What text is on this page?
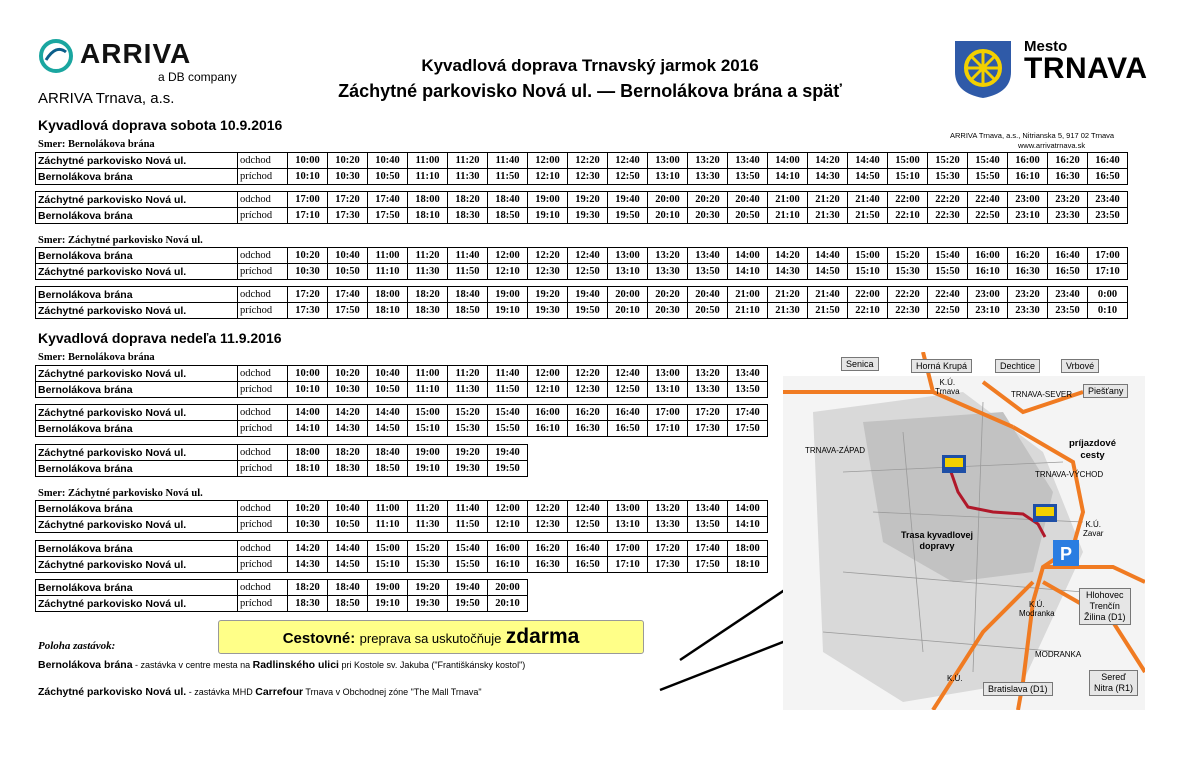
ARRIVA
a DB company
ARRIVA Trnava, a.s.
Kyvadlová doprava Trnavský jarmok 2016
Záchytné parkovisko Nová ul. — Bernolákova brána a späť
Mesto
TRNAVA
ARRIVA Trnava, a.s., Nitrianska 5, 917 02 Trnava
www.arrivatrnava.sk
Kyvadlová doprava sobota 10.9.2016
Smer: Bernolákova brána
Záchytné parkovisko Nová ul.	odchod	10:00	10:20	10:40	11:00	11:20	11:40	12:00	12:20	12:40	13:00	13:20	13:40	14:00	14:20	14:40	15:00	15:20	15:40	16:00	16:20	16:40
Bernolákova brána	príchod	10:10	10:30	10:50	11:10	11:30	11:50	12:10	12:30	12:50	13:10	13:30	13:50	14:10	14:30	14:50	15:10	15:30	15:50	16:10	16:30	16:50
Záchytné parkovisko Nová ul.	odchod	17:00	17:20	17:40	18:00	18:20	18:40	19:00	19:20	19:40	20:00	20:20	20:40	21:00	21:20	21:40	22:00	22:20	22:40	23:00	23:20	23:40
Bernolákova brána	príchod	17:10	17:30	17:50	18:10	18:30	18:50	19:10	19:30	19:50	20:10	20:30	20:50	21:10	21:30	21:50	22:10	22:30	22:50	23:10	23:30	23:50
Smer: Záchytné parkovisko Nová ul.
Bernolákova brána	odchod	10:20	10:40	11:00	11:20	11:40	12:00	12:20	12:40	13:00	13:20	13:40	14:00	14:20	14:40	15:00	15:20	15:40	16:00	16:20	16:40	17:00
Záchytné parkovisko Nová ul.	príchod	10:30	10:50	11:10	11:30	11:50	12:10	12:30	12:50	13:10	13:30	13:50	14:10	14:30	14:50	15:10	15:30	15:50	16:10	16:30	16:50	17:10
Bernolákova brána	odchod	17:20	17:40	18:00	18:20	18:40	19:00	19:20	19:40	20:00	20:20	20:40	21:00	21:20	21:40	22:00	22:20	22:40	23:00	23:20	23:40	0:00
Záchytné parkovisko Nová ul.	príchod	17:30	17:50	18:10	18:30	18:50	19:10	19:30	19:50	20:10	20:30	20:50	21:10	21:30	21:50	22:10	22:30	22:50	23:10	23:30	23:50	0:10
Kyvadlová doprava nedeľa 11.9.2016
Smer: Bernolákova brána
Záchytné parkovisko Nová ul.	odchod	10:00	10:20	10:40	11:00	11:20	11:40	12:00	12:20	12:40	13:00	13:20	13:40
Bernolákova brána	príchod	10:10	10:30	10:50	11:10	11:30	11:50	12:10	12:30	12:50	13:10	13:30	13:50
Záchytné parkovisko Nová ul.	odchod	14:00	14:20	14:40	15:00	15:20	15:40	16:00	16:20	16:40	17:00	17:20	17:40
Bernolákova brána	príchod	14:10	14:30	14:50	15:10	15:30	15:50	16:10	16:30	16:50	17:10	17:30	17:50
Záchytné parkovisko Nová ul.	odchod	18:00	18:20	18:40	19:00	19:20	19:40
Bernolákova brána	príchod	18:10	18:30	18:50	19:10	19:30	19:50
Smer: Záchytné parkovisko Nová ul.
Bernolákova brána	odchod	10:20	10:40	11:00	11:20	11:40	12:00	12:20	12:40	13:00	13:20	13:40	14:00
Záchytné parkovisko Nová ul.	príchod	10:30	10:50	11:10	11:30	11:50	12:10	12:30	12:50	13:10	13:30	13:50	14:10
Bernolákova brána	odchod	14:20	14:40	15:00	15:20	15:40	16:00	16:20	16:40	17:00	17:20	17:40	18:00
Záchytné parkovisko Nová ul.	príchod	14:30	14:50	15:10	15:30	15:50	16:10	16:30	16:50	17:10	17:30	17:50	18:10
Bernolákova brána	odchod	18:20	18:40	19:00	19:20	19:40	20:00
Záchytné parkovisko Nová ul.	príchod	18:30	18:50	19:10	19:30	19:50	20:10
Cestovné: preprava sa uskutočňuje zdarma
Poloha zastávok:
Bernolákova brána - zastávka v centre mesta na Radlinského ulici pri Kostole sv. Jakuba ("Františkánsky kostol")
Záchytné parkovisko Nová ul. - zastávka MHD Carrefour Trnava v Obchodnej zóne "The Mall Trnava"
P
Senica	Horná Krupá	Dechtice	Vrbové
Piešťany
príjazdové
cesty
Trasa kyvadlovej
dopravy
Hlohovec
Trenčín
Žilina (D1)
Bratislava (D1)
Sereď
Nitra (R1)
K.Ú.
Trnava	TRNAVA-SEVER
TRNAVA-ZÁPAD
TRNAVA-VÝCHOD
K.Ú.
Zavar
K.Ú.
Modranka
MODRANKA
K.Ú.
